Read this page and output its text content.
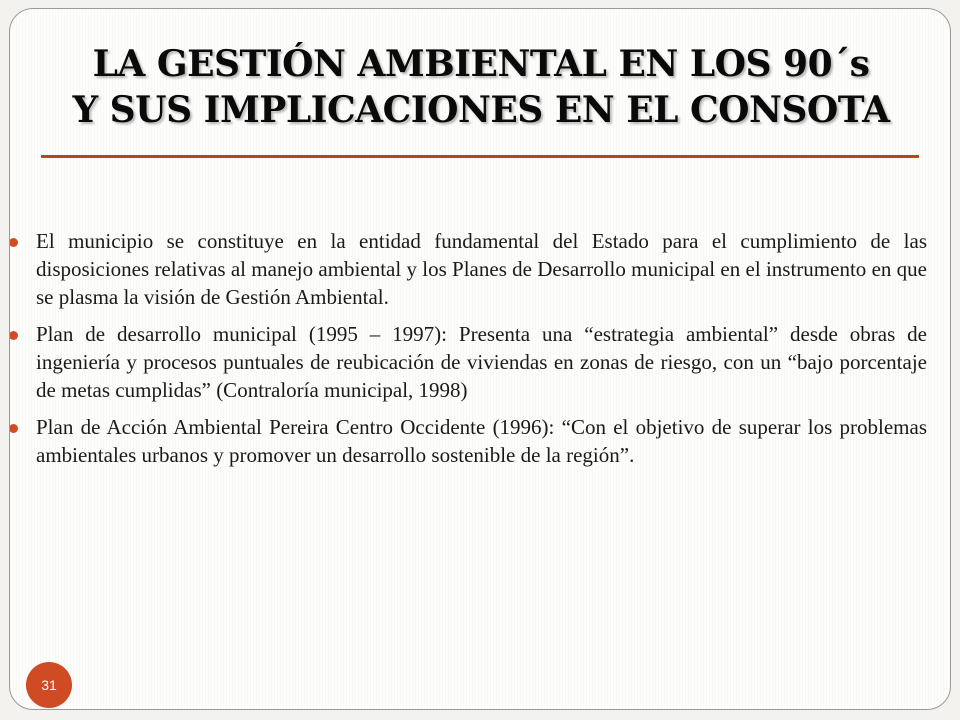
LA GESTIÓN AMBIENTAL EN LOS 90´s
Y SUS IMPLICACIONES EN EL CONSOTA
El municipio se constituye en la entidad fundamental del Estado para el cumplimiento de las disposiciones relativas al manejo ambiental y los Planes de Desarrollo municipal en el instrumento en que se plasma la visión de Gestión Ambiental.
Plan de desarrollo municipal (1995 – 1997): Presenta una “estrategia ambiental” desde obras de ingeniería y procesos puntuales de reubicación de viviendas en zonas de riesgo, con un “bajo porcentaje de metas cumplidas” (Contraloría municipal, 1998)
Plan de Acción Ambiental Pereira Centro Occidente (1996): “Con el objetivo de superar los problemas ambientales urbanos y promover un desarrollo sostenible de la región”.
31
